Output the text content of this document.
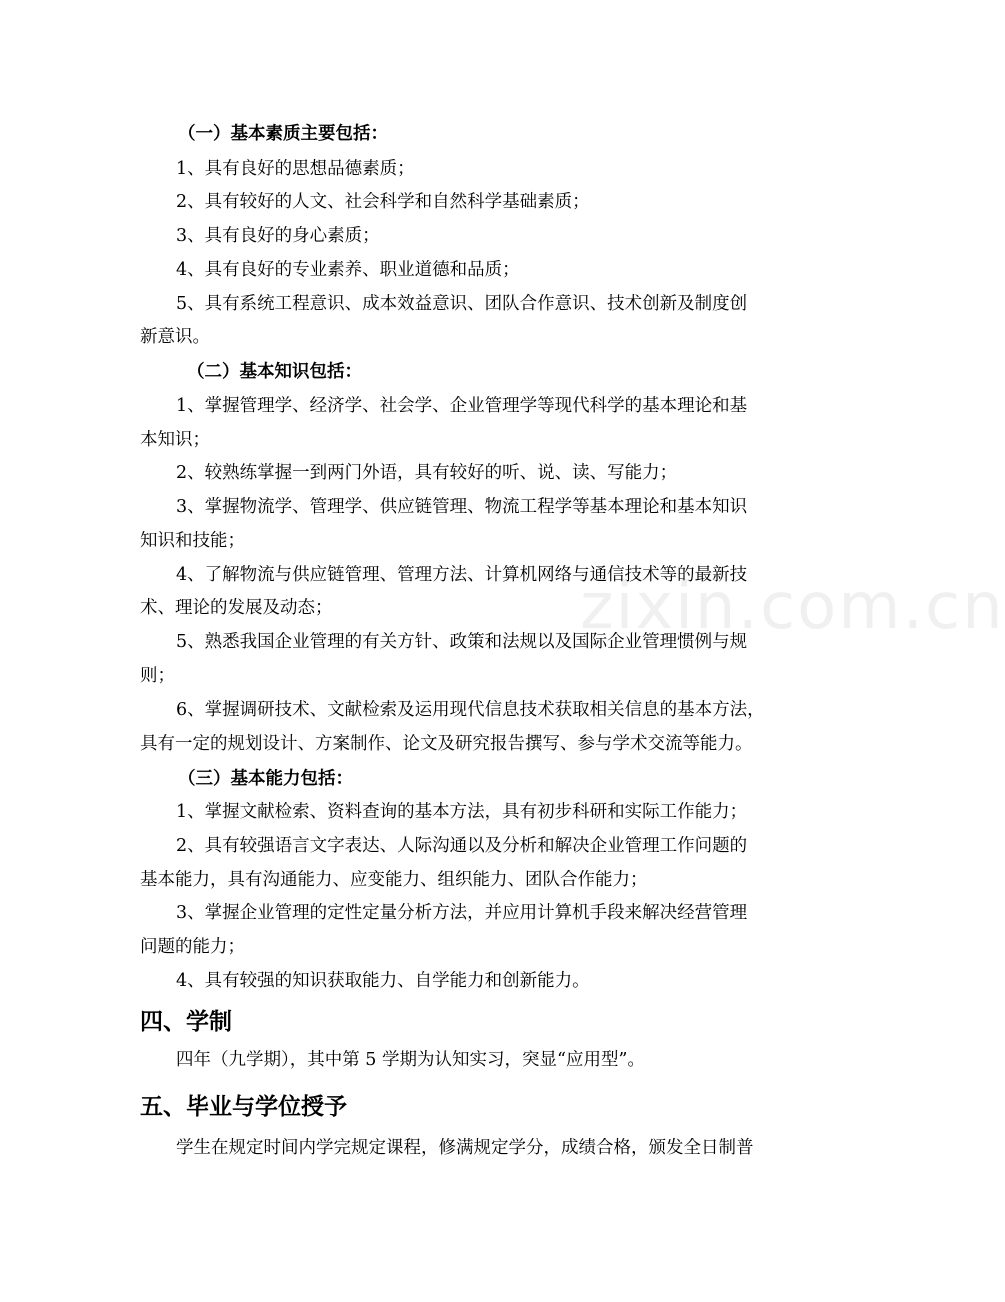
zixin.com.cn
（一）基本素质主要包括：
1、具有良好的思想品德素质；
2、具有较好的人文、社会科学和自然科学基础素质；
3、具有良好的身心素质；
4、具有良好的专业素养、职业道德和品质；
5、具有系统工程意识、成本效益意识、团队合作意识、技术创新及制度创
新意识。
（二）基本知识包括：
1、掌握管理学、经济学、社会学、企业管理学等现代科学的基本理论和基
本知识；
2、较熟练掌握一到两门外语，具有较好的听、说、读、写能力；
3、掌握物流学、管理学、供应链管理、物流工程学等基本理论和基本知识
知识和技能；
4、了解物流与供应链管理、管理方法、计算机网络与通信技术等的最新技
术、理论的发展及动态；
5、熟悉我国企业管理的有关方针、政策和法规以及国际企业管理惯例与规
则；
6、掌握调研技术、文献检索及运用现代信息技术获取相关信息的基本方法，
具有一定的规划设计、方案制作、论文及研究报告撰写、参与学术交流等能力。
（三）基本能力包括：
1、掌握文献检索、资料查询的基本方法，具有初步科研和实际工作能力；
2、具有较强语言文字表达、人际沟通以及分析和解决企业管理工作问题的
基本能力，具有沟通能力、应变能力、组织能力、团队合作能力；
3、掌握企业管理的定性定量分析方法，并应用计算机手段来解决经营管理
问题的能力；
4、具有较强的知识获取能力、自学能力和创新能力。
四、学制
四年（九学期），其中第 5 学期为认知实习，突显“应用型”。
五、毕业与学位授予
学生在规定时间内学完规定课程，修满规定学分，成绩合格，颁发全日制普
